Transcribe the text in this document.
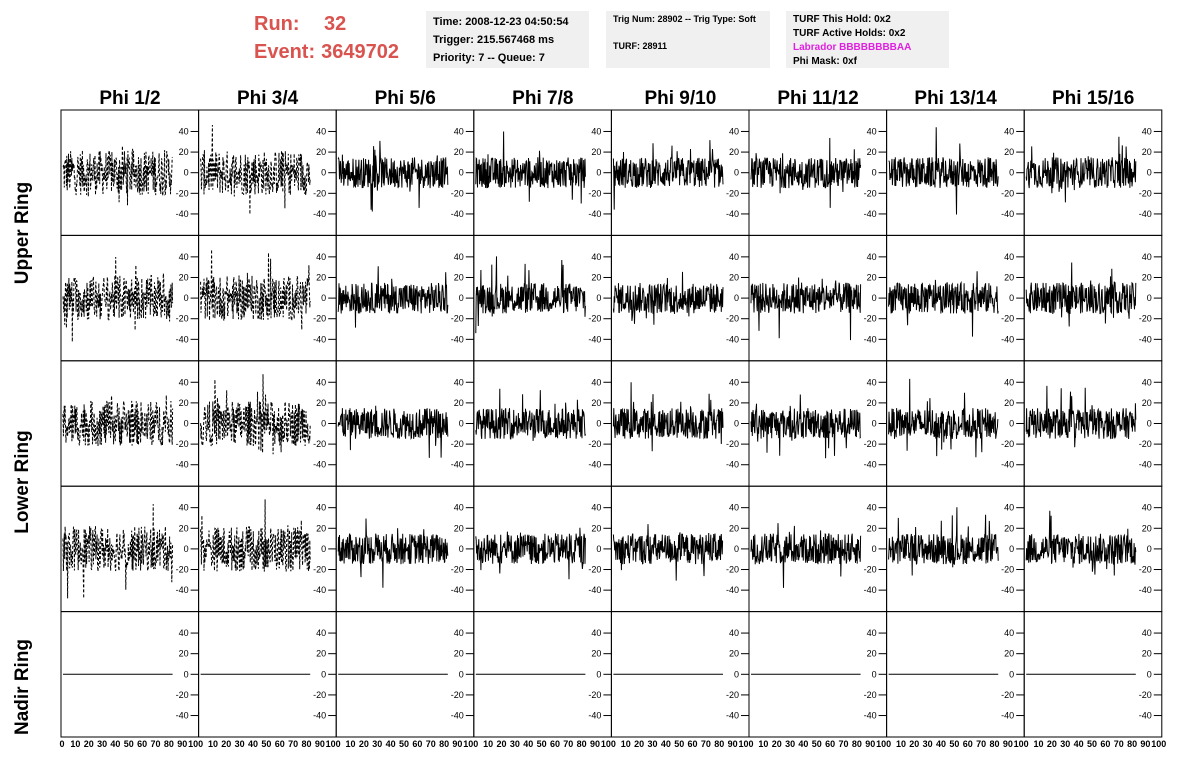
Run:	32
Event: 3649702
Time: 2008-12-23 04:50:54
Trigger: 215.567468 ms
Priority: 7 -- Queue: 7
Trig Num: 28902 -- Trig Type: Soft
TURF: 28911
TURF This Hold: 0x2
TURF Active Holds: 0x2
Labrador BBBBBBBBAA
Phi Mask: 0xf
Phi 1/2	Phi 3/4	Phi 5/6	Phi 7/8	Phi 9/10	Phi 11/12	Phi 13/14	Phi 15/16
Upper Ring
Lower Ring
Nadir Ring
40
20
0
-20
-40
40
20
0
-20
-40
40
20
0
-20
-40
40
20
0
-20
-40
40
20
0
-20
-40
40
20
0
-20
-40
40
20
0
-20
-40
40
20
0
-20
-40
40
20
0
-20
-40
40
20
0
-20
-40
40
20
0
-20
-40
40
20
0
-20
-40
40
20
0
-20
-40
40
20
0
-20
-40
40
20
0
-20
-40
40
20
0
-20
-40
40
20
0
-20
-40
40
20
0
-20
-40
40
20
0
-20
-40
40
20
0
-20
-40
40
20
0
-20
-40
40
20
0
-20
-40
40
20
0
-20
-40
40
20
0
-20
-40
40
20
0
-20
-40
40
20
0
-20
-40
40
20
0
-20
-40
40
20
0
-20
-40
40
20
0
-20
-40
40
20
0
-20
-40
40
20
0
-20
-40
40
20
0
-20
-40
40
20
0
-20
-40
40
20
0
-20
-40
40
20
0
-20
-40
40
20
0
-20
-40
40
20
0
-20
-40
40
20
0
-20
-40
40
20
0
-20
-40
40
20
0
-20
-40
0 10 20 30 40 50 60 70 80 90 100 10 20 30 40 50 60 70 80 90 100 10 20 30 40 50 60 70 80 90 100 10 20 30 40 50 60 70 80 90 100 10 20 30 40 50 60 70 80 90 100 10 20 30 40 50 60 70 80 90 100 10 20 30 40 50 60 70 80 90 100 10 20 30 40 50 60 70 80 90 100
